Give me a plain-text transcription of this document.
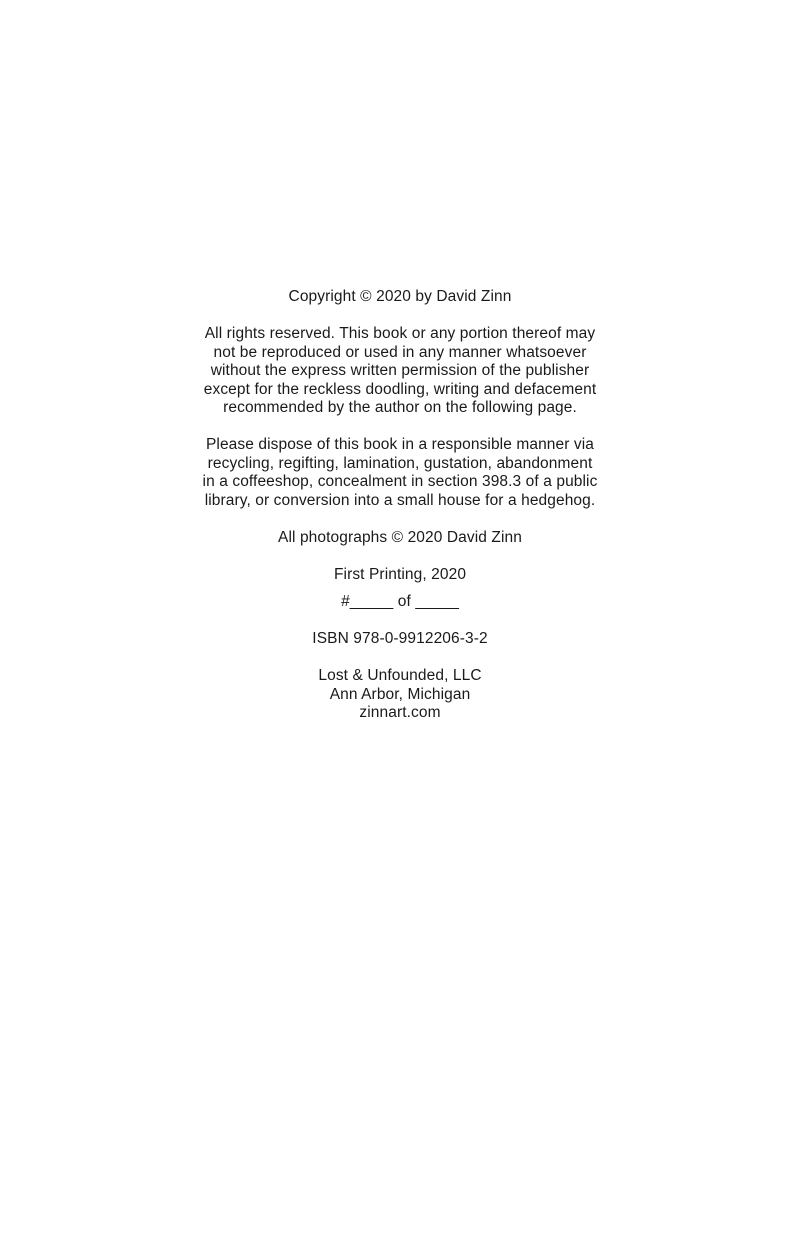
Copyright © 2020 by David Zinn
All rights reserved. This book or any portion thereof may
not be reproduced or used in any manner whatsoever
without the express written permission of the publisher
except for the reckless doodling, writing and defacement
recommended by the author on the following page.
Please dispose of this book in a responsible manner via
recycling, regifting, lamination, gustation, abandonment
in a coffeeshop, concealment in section 398.3 of a public
library, or conversion into a small house for a hedgehog.
All photographs © 2020 David Zinn
First Printing, 2020
#_____ of _____
ISBN 978-0-9912206-3-2
Lost & Unfounded, LLC
Ann Arbor, Michigan
zinnart.com
